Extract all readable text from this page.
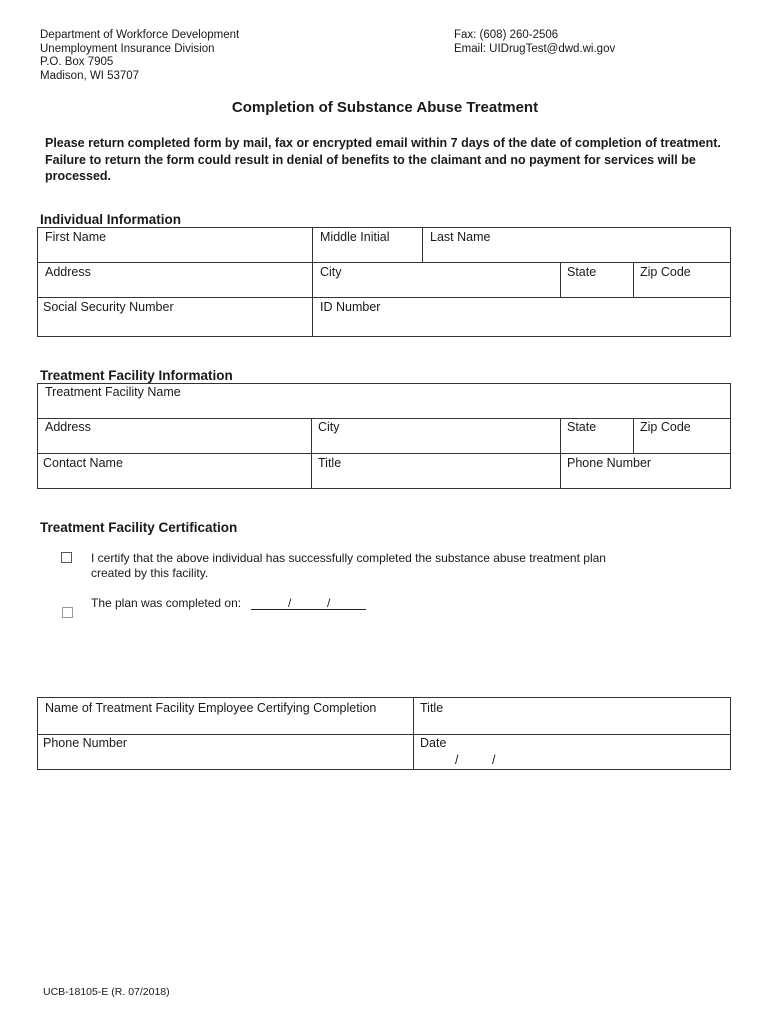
Department of Workforce Development
Unemployment Insurance Division
P.O. Box 7905
Madison, WI 53707
Fax: (608) 260-2506
Email: UIDrugTest@dwd.wi.gov
Completion of Substance Abuse Treatment
Please return completed form by mail, fax or encrypted email within 7 days of the date of completion of treatment. Failure to return the form could result in denial of benefits to the claimant and no payment for services will be processed.
Individual Information
First Name	Middle Initial	Last Name
Address	City	State	Zip Code
Social Security Number	ID Number
Treatment Facility Information
Treatment Facility Name
Address	City	State	Zip Code
Contact Name	Title	Phone Number
Treatment Facility Certification
I certify that the above individual has successfully completed the substance abuse treatment plan
created by this facility.
The plan was completed on:	/	/
Name of Treatment Facility Employee Certifying Completion	Title
Phone Number	Date
/	/
UCB-18105-E (R. 07/2018)
